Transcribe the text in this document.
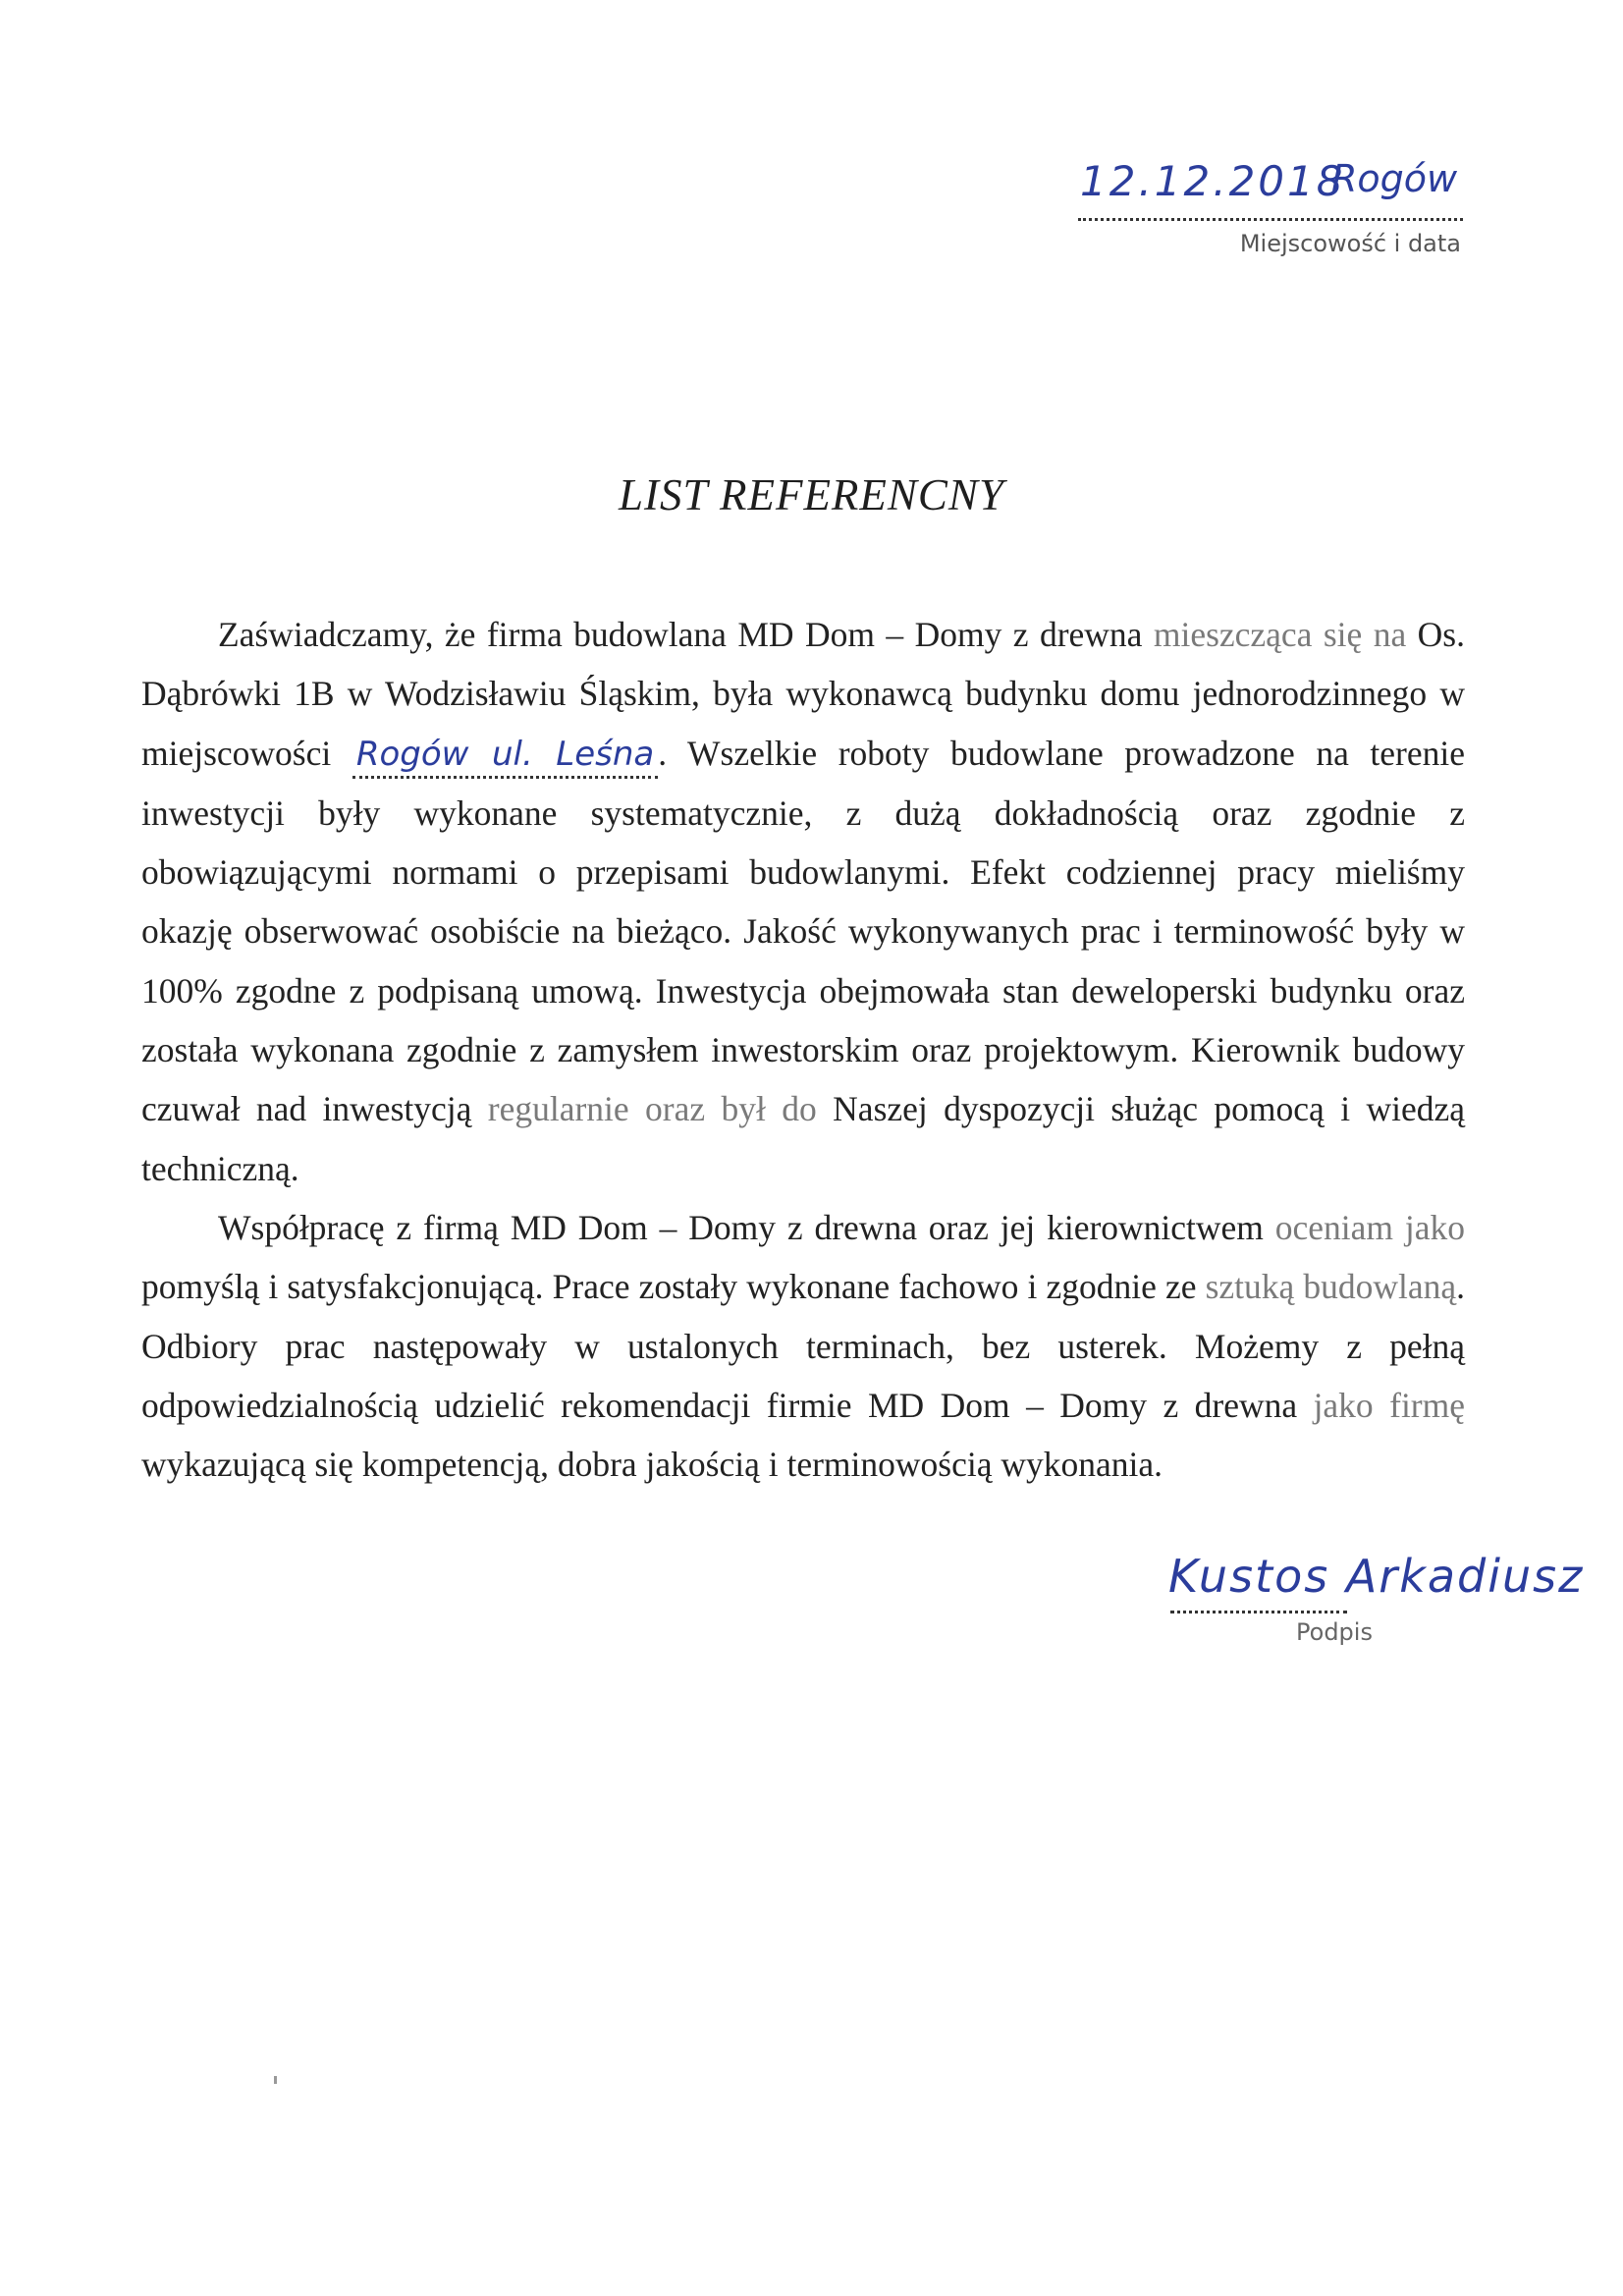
12.12.2018
Rogów
Miejscowość i data
LIST REFERENCNY

Zaświadczamy, że firma budowlana MD Dom – Domy z drewna mieszcząca się na Os. Dąbrówki 1B w Wodzisławiu Śląskim, była wykonawcą budynku domu jednorodzinnego w miejscowości Rogów ul. Leśna . Wszelkie roboty budowlane prowadzone na terenie inwestycji były wykonane systematycznie, z dużą dokładnością oraz zgodnie z obowiązującymi normami o przepisami budowlanymi. Efekt codziennej pracy mieliśmy okazję obserwować osobiście na bieżąco. Jakość wykonywanych prac i terminowość były w 100% zgodne z podpisaną umową. Inwestycja obejmowała stan deweloperski budynku oraz została wykonana zgodnie z zamysłem inwestorskim oraz projektowym. Kierownik budowy czuwał nad inwestycją regularnie oraz był do Naszej dyspozycji służąc pomocą i wiedzą techniczną.

Współpracę z firmą MD Dom – Domy z drewna oraz jej kierownictwem oceniam jako pomyślą i satysfakcjonującą. Prace zostały wykonane fachowo i zgodnie ze sztuką budowlaną. Odbiory prac następowały w ustalonych terminach, bez usterek. Możemy z pełną odpowiedzialnością udzielić rekomendacji firmie MD Dom – Domy z drewna jako firmę wykazującą się kompetencją, dobra jakością i terminowością wykonania.

Kustos Arkadiusz
Podpis
